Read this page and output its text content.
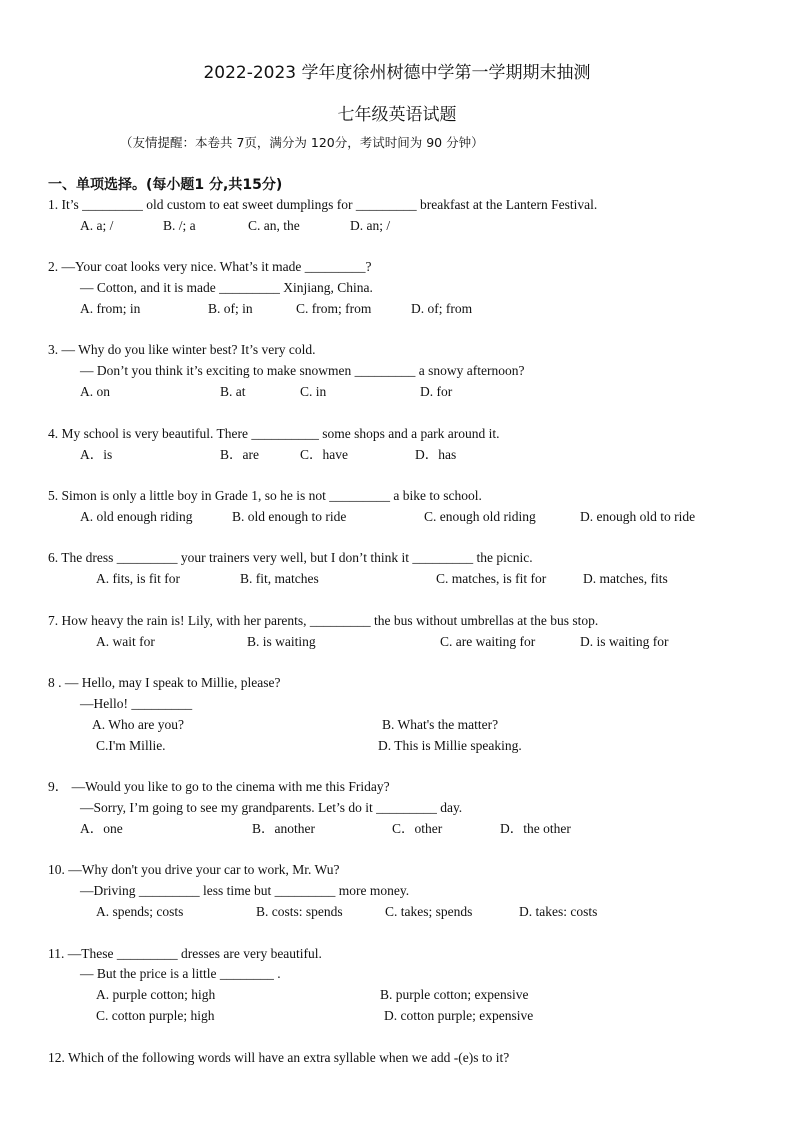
2022-2023 学年度徐州树德中学第一学期期末抽测
七年级英语试题
（友情提醒：本卷共 7页，满分为 120分，考试时间为 90 分钟）
一、单项选择。(每小题1 分,共15分)
1. It’s _________ old custom to eat sweet dumplings for _________ breakfast at the Lantern Festival.
A. a; /	B. /; a	C. an, the	D. an; /
2. —Your coat looks very nice. What’s it made _________?
— Cotton, and it is made _________ Xinjiang, China.
A. from; in	B. of; in	C. from; from	D. of; from
3. — Why do you like winter best? It’s very cold.
— Don’t you think it’s exciting to make snowmen _________ a snowy afternoon?
A. on	B. at	C. in	D. for
4. My school is very beautiful. There __________ some shops and a park around it.
A．is	B．are	C．have	D．has
5. Simon is only a little boy in Grade 1, so he is not _________ a bike to school.
A. old enough riding	B. old enough to ride	C. enough old riding	D. enough old to ride
6. The dress _________ your trainers very well, but I don’t think it _________ the picnic.
A. fits, is fit for	B. fit, matches	C. matches, is fit for	D. matches, fits
7. How heavy the rain is! Lily, with her parents, _________ the bus without umbrellas at the bus stop.
A. wait for	B. is waiting	C. are waiting for	D. is waiting for
8 . — Hello, may I speak to Millie, please?
—Hello! _________
A. Who are you?	B. What's the matter?
C.I'm Millie.	D. This is Millie speaking.
9． —Would you like to go to the cinema with me this Friday?
—Sorry, I’m going to see my grandparents. Let’s do it _________ day.
A．one	B．another	C．other	D．the other
10. —Why don't you drive your car to work, Mr. Wu?
—Driving _________ less time but _________ more money.
A. spends; costs	B. costs: spends	C. takes; spends	D. takes: costs
11. —These _________ dresses are very beautiful.
— But the price is a little ________ .
A. purple cotton; high	B. purple cotton; expensive
C. cotton purple; high	D. cotton purple; expensive
12. Which of the following words will have an extra syllable when we add -(e)s to it?
